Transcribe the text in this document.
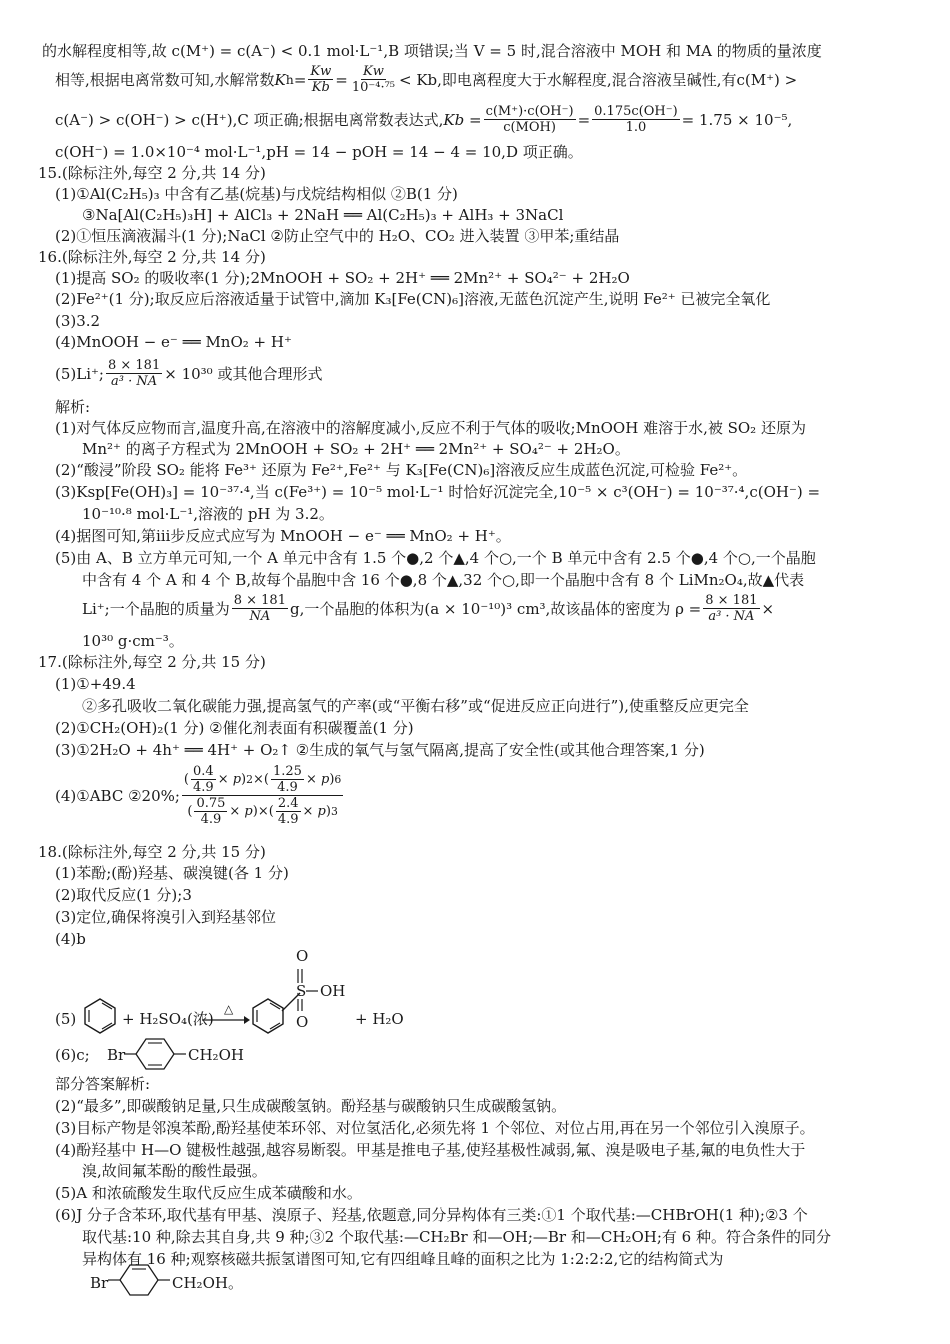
的水解程度相等,故 c(M⁺) = c(A⁻) < 0.1 mol·L⁻¹,B 项错误;当 V = 5 时,混合溶液中 MOH 和 MA 的物质的量浓度
相等,根据电离常数可知,水解常数 K $h = \frac{Kw}{Kb} = \frac{Kw}{\text{10⁻⁴·⁷⁵}} < Kb$ ,即电离程度大于水解程度,混合溶液呈碱性,有 c(M⁺) >
c(A⁻) > c(OH⁻) > c(H⁺),C 项正确;根据电离常数表达式, $Kb = \frac{c(M^+)\cdot c(OH^-)}{\text{c(MOH)}} = \frac{0.175c(OH^-)}{1.0} = 1.75 \times 10^{-5}$,
c(OH⁻) = 1.0×10⁻⁴ mol·L⁻¹,pH = 14 − pOH = 14 − 4 = 10,D 项正确。
15.(除标注外,每空 2 分,共 14 分)
(1)①Al(C₂H₅)₃ 中含有乙基(烷基)与戊烷结构相似 ②B(1 分)
③Na[Al(C₂H₅)₃H] + AlCl₃ + 2NaH ══ Al(C₂H₅)₃ + AlH₃ + 3NaCl
(2)①恒压滴液漏斗(1 分);NaCl ②防止空气中的 H₂O、CO₂ 进入装置 ③甲苯;重结晶
16.(除标注外,每空 2 分,共 14 分)
(1)提高 SO₂ 的吸收率(1 分);2MnOOH + SO₂ + 2H⁺ ══ 2Mn²⁺ + SO₄²⁻ + 2H₂O
(2)Fe²⁺(1 分);取反应后溶液适量于试管中,滴加 K₃[Fe(CN)₆]溶液,无蓝色沉淀产生,说明 Fe²⁺ 已被完全氧化
(3)3.2
(4)MnOOH − e⁻ ══ MnO₂ + H⁺
(5)Li⁺; $\frac{8 \times 181}{\text{a³ · NA}} \times 10^{30}$ 或其他合理形式
解析:
(1)对气体反应物而言,温度升高,在溶液中的溶解度减小,反应不利于气体的吸收;MnOOH 难溶于水,被 SO₂ 还原为
Mn²⁺ 的离子方程式为 2MnOOH + SO₂ + 2H⁺ ══ 2Mn²⁺ + SO₄²⁻ + 2H₂O。
(2)“酸浸”阶段 SO₂ 能将 Fe³⁺ 还原为 Fe²⁺,Fe²⁺ 与 K₃[Fe(CN)₆]溶液反应生成蓝色沉淀,可检验 Fe²⁺。
(3)Ksp[Fe(OH)₃] = 10⁻³⁷·⁴,当 c(Fe³⁺) = 10⁻⁵ mol·L⁻¹ 时恰好沉淀完全,10⁻⁵ × c³(OH⁻) = 10⁻³⁷·⁴,c(OH⁻) =
10⁻¹⁰·⁸ mol·L⁻¹,溶液的 pH 为 3.2。
(4)据图可知,第ⅲ步反应式应写为 MnOOH − e⁻ ══ MnO₂ + H⁺。
(5)由 A、B 立方单元可知,一个 A 单元中含有 1.5 个●,2 个▲,4 个○,一个 B 单元中含有 2.5 个●,4 个○,一个晶胞
中含有 4 个 A 和 4 个 B,故每个晶胞中含 16 个●,8 个▲,32 个○,即一个晶胞中含有 8 个 LiMn₂O₄,故▲代表
Li⁺;一个晶胞的质量为 $\frac{8 \times 181}{NA} g$,一个晶胞的体积为(a × 10⁻¹⁰)³ cm³,故该晶体的密度为 $\rho = \frac{8 \times 181}{\text{a³ · NA}}$ ×
10³⁰ g·cm⁻³。
17.(除标注外,每空 2 分,共 15 分)
(1)①+49.4
②多孔吸收二氧化碳能力强,提高氢气的产率(或“平衡右移”或“促进反应正向进行”),使重整反应更完全
(2)①CH₂(OH)₂(1 分) ②催化剂表面有积碳覆盖(1 分)
(3)①2H₂O + 4h⁺ ══ 4H⁺ + O₂↑ ②生成的氧气与氢气隔离,提高了安全性(或其他合理答案,1 分)
(4)①ABC ②20%; $\frac{( \frac{0.4}{4.9} \times p ) 2 \times ( \frac{1.25}{4.9} \times p ) 6}{( \frac{0.75}{4.9} \times p ) \times ( \frac{2.4}{4.9} \times p ) 3}$
18.(除标注外,每空 2 分,共 15 分)
(1)苯酚;(酚)羟基、碳溴键(各 1 分)
(2)取代反应(1 分);3
(3)定位,确保将溴引入到羟基邻位
(4)b
(5)	+ H₂SO₄(浓)
△
O
S OH
O	+ H₂O
(6)c; Br	CH₂OH
部分答案解析:
(2)“最多”,即碳酸钠足量,只生成碳酸氢钠。酚羟基与碳酸钠只生成碳酸氢钠。
(3)目标产物是邻溴苯酚,酚羟基使苯环邻、对位氢活化,必须先将 1 个邻位、对位占用,再在另一个邻位引入溴原子。
(4)酚羟基中 H—O 键极性越强,越容易断裂。甲基是推电子基,使羟基极性减弱,氟、溴是吸电子基,氟的电负性大于
溴,故间氟苯酚的酸性最强。
(5)A 和浓硫酸发生取代反应生成苯磺酸和水。
(6)J 分子含苯环,取代基有甲基、溴原子、羟基,依题意,同分异构体有三类:①1 个取代基:—CHBrOH(1 种);②3 个
取代基:10 种,除去其自身,共 9 种;③2 个取代基:—CH₂Br 和—OH;—Br 和—CH₂OH;有 6 种。符合条件的同分
异构体有 16 种;观察核磁共振氢谱图可知,它有四组峰且峰的面积之比为 1:2:2:2,它的结构简式为
Br	CH₂OH。
